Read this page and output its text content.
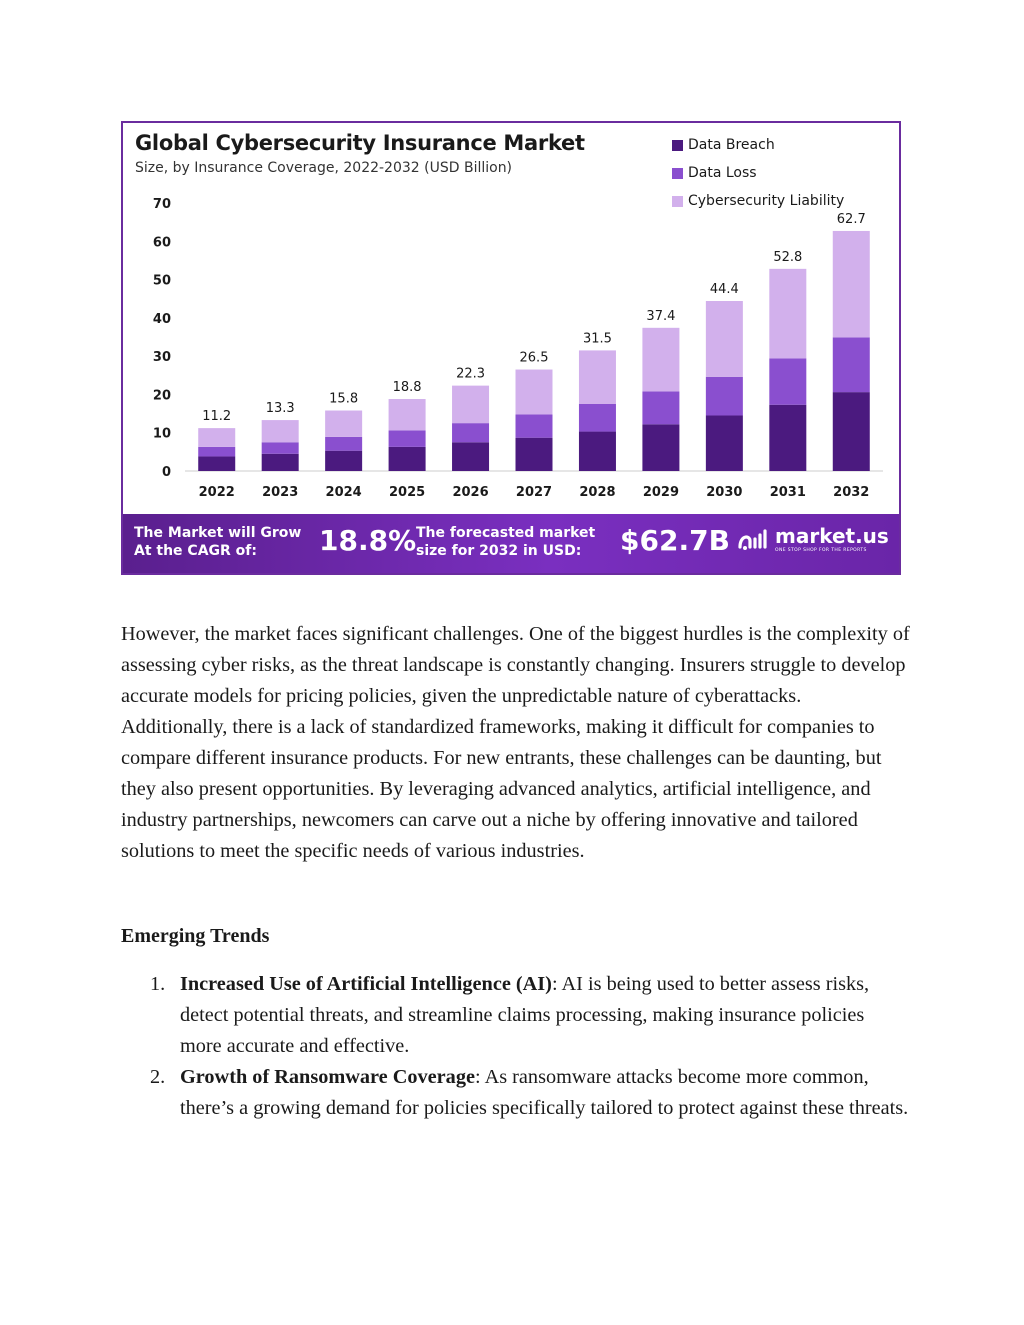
0
10
20
30
40
50
60
70
11.2
2022
13.3
2023
15.8
2024
18.8
2025
22.3
2026
26.5
2027
31.5
2028
37.4
2029
44.4
2030
52.8
2031
62.7
2032
Global Cybersecurity Insurance Market
Size, by Insurance Coverage, 2022-2032 (USD Billion)
Data Breach
Data Loss
Cybersecurity Liability
The Market will Grow At the CAGR of:	18.8% The forecasted market size for 2032 in USD:	$62.7B market.us
ONE STOP SHOP FOR THE REPORTS

However, the market faces significant challenges. One of the biggest hurdles is the complexity of assessing cyber risks, as the threat landscape is constantly changing. Insurers struggle to develop accurate models for pricing policies, given the unpredictable nature of cyberattacks. Additionally, there is a lack of standardized frameworks, making it difficult for companies to compare different insurance products. For new entrants, these challenges can be daunting, but they also present opportunities. By leveraging advanced analytics, artificial intelligence, and industry partnerships, newcomers can carve out a niche by offering innovative and tailored solutions to meet the specific needs of various industries.

Emerging Trends
1. Increased Use of Artificial Intelligence (AI): AI is being used to better assess risks, detect potential threats, and streamline claims processing, making insurance policies more accurate and effective.
2. Growth of Ransomware Coverage: As ransomware attacks become more common, there’s a growing demand for policies specifically tailored to protect against these threats.
